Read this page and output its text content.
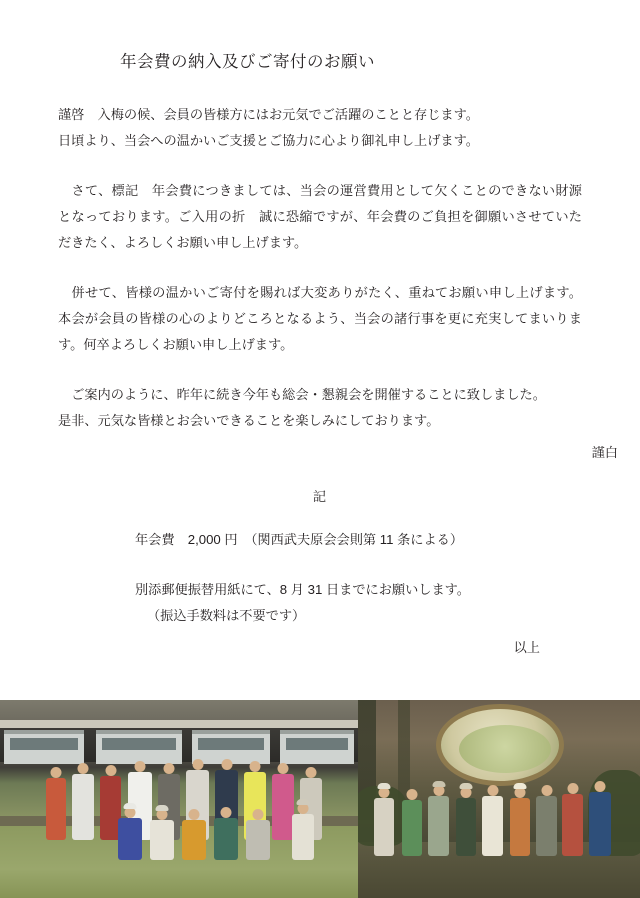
年会費の納入及びご寄付のお願い
謹啓　入梅の候、会員の皆様方にはお元気でご活躍のことと存じます。
日頃より、当会への温かいご支援とご協力に心より御礼申し上げます。
さて、標記　年会費につきましては、当会の運営費用として欠くことのできない財源となっております。ご入用の折　誠に恐縮ですが、年会費のご負担を御願いさせていただきたく、よろしくお願い申し上げます。
併せて、皆様の温かいご寄付を賜れば大変ありがたく、重ねてお願い申し上げます。本会が会員の皆様の心のよりどころとなるよう、当会の諸行事を更に充実してまいります。何卒よろしくお願い申し上げます。
ご案内のように、昨年に続き今年も総会・懇親会を開催することに致しました。
是非、元気な皆様とお会いできることを楽しみにしております。
謹白
記
年会費　2,000 円　（関西武夫原会会則第 11 条による）
別添郵便振替用紙にて、8 月 31 日までにお願いします。
（振込手数料は不要です）
以上
